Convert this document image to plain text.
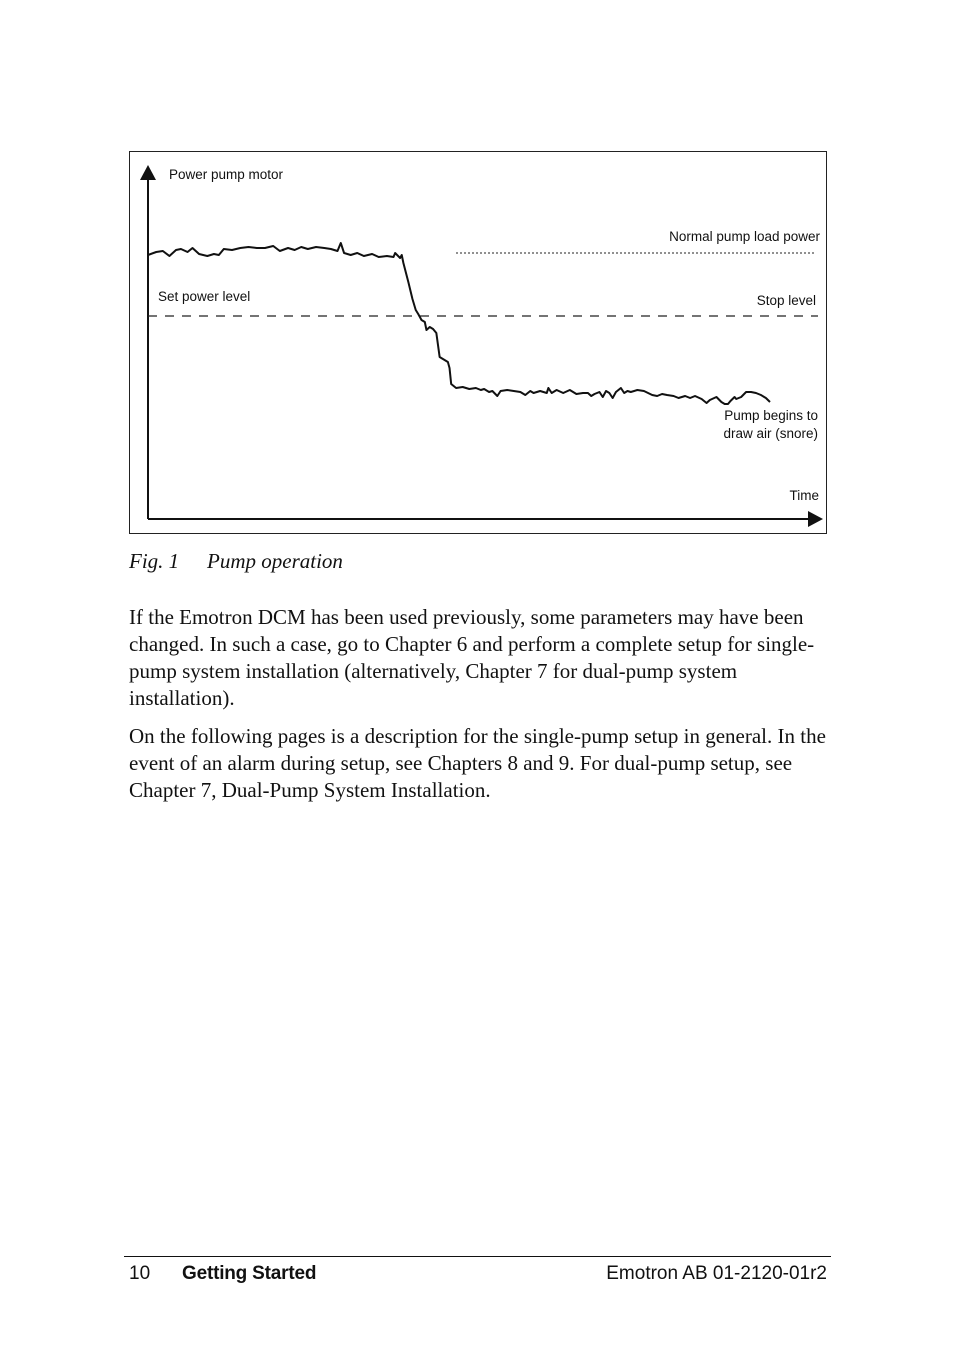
Power pump motor
Normal pump load power
Set power level	Stop level
Pump begins to
draw air (snore)
Time
Fig. 1 Pump operation

If the Emotron DCM has been used previously, some parameters may have been changed. In such a case, go to Chapter 6 and perform a complete setup for single-pump system installation (alternatively, Chapter 7 for dual-pump system installation).

On the following pages is a description for the single-pump setup in general. In the event of an alarm during setup, see Chapters 8 and 9. For dual-pump setup, see Chapter 7, Dual-Pump System Installation.

10 Getting Started	Emotron AB 01-2120-01r2
